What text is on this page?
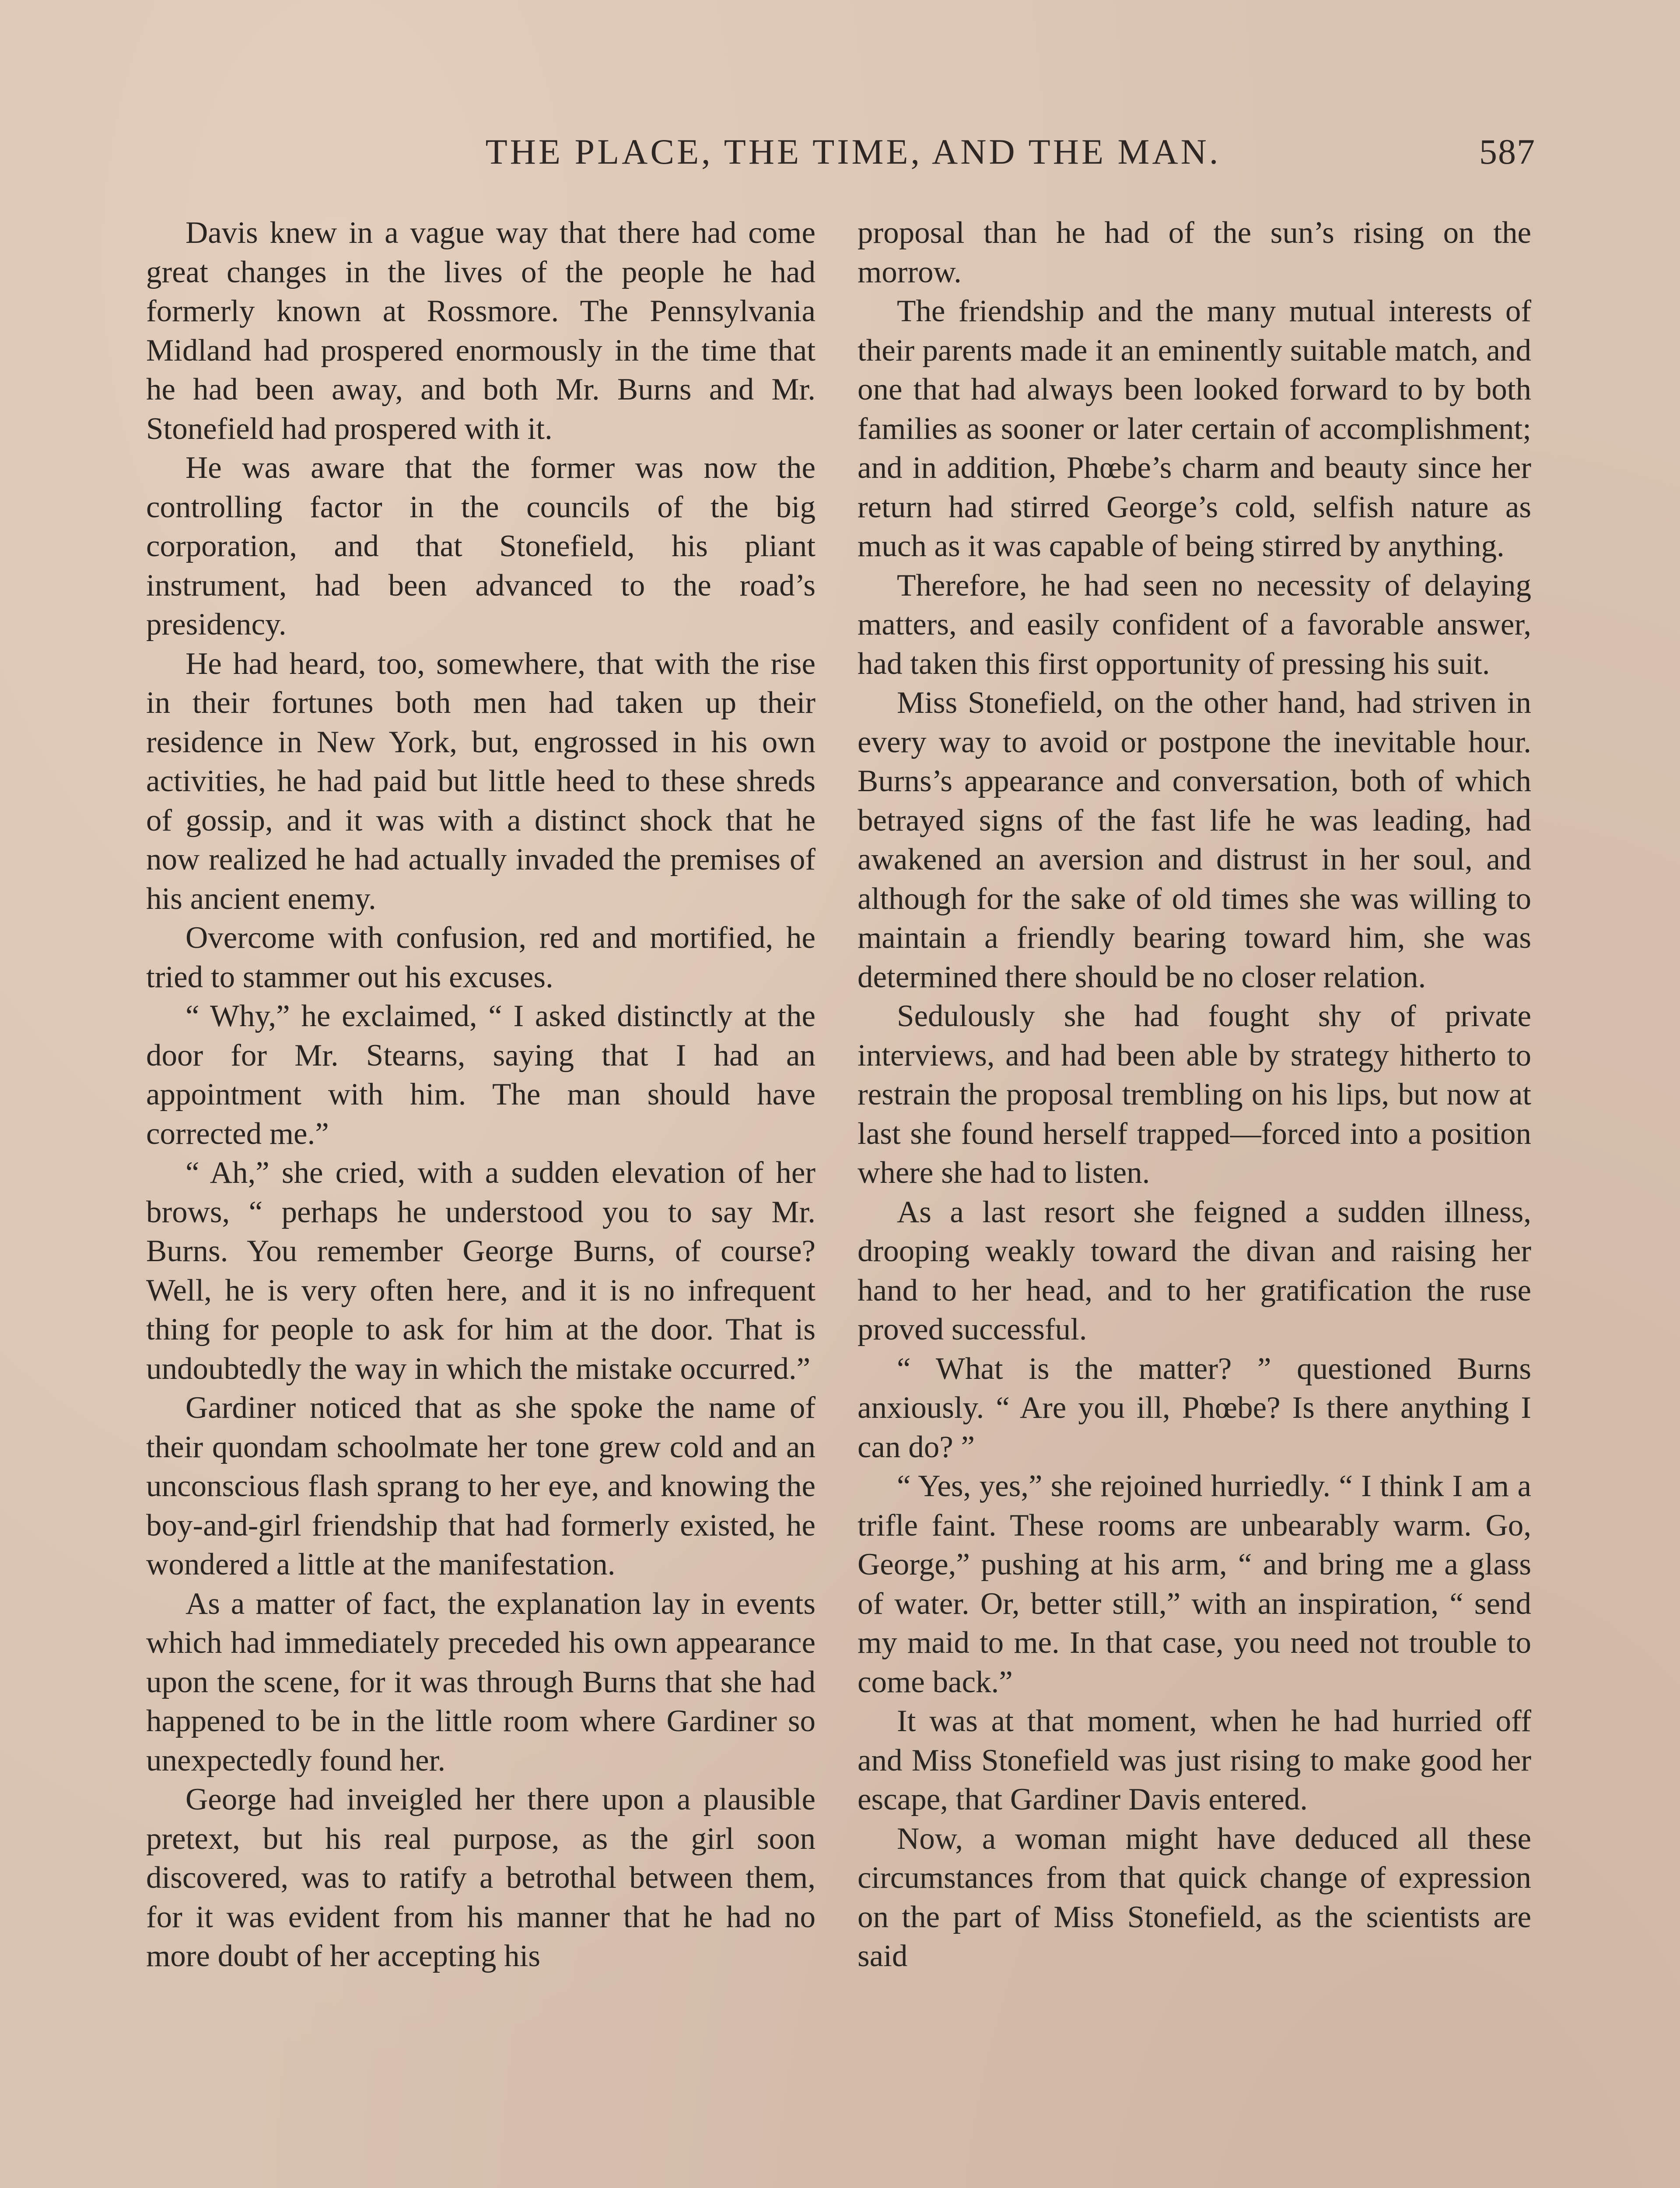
THE PLACE, THE TIME, AND THE MAN.	587

Davis knew in a vague way that there had come great changes in the lives of the people he had formerly known at Rossmore. The Pennsylvania Midland had prospered enormously in the time that he had been away, and both Mr. Burns and Mr. Stonefield had prospered with it.

He was aware that the former was now the controlling factor in the councils of the big corporation, and that Stonefield, his pliant instrument, had been advanced to the road’s presidency.

He had heard, too, somewhere, that with the rise in their fortunes both men had taken up their residence in New York, but, engrossed in his own activities, he had paid but little heed to these shreds of gossip, and it was with a distinct shock that he now realized he had actually invaded the premises of his ancient enemy.

Overcome with confusion, red and mortified, he tried to stammer out his excuses.

“ Why,” he exclaimed, “ I asked distinctly at the door for Mr. Stearns, saying that I had an appointment with him. The man should have corrected me.”

“ Ah,” she cried, with a sudden elevation of her brows, “ perhaps he understood you to say Mr. Burns. You remember George Burns, of course? Well, he is very often here, and it is no infrequent thing for people to ask for him at the door. That is undoubtedly the way in which the mistake occurred.”

Gardiner noticed that as she spoke the name of their quondam schoolmate her tone grew cold and an unconscious flash sprang to her eye, and knowing the boy-and-girl friendship that had formerly existed, he wondered a little at the manifestation.

As a matter of fact, the explanation lay in events which had immediately preceded his own appearance upon the scene, for it was through Burns that she had happened to be in the little room where Gardiner so unexpectedly found her.

George had inveigled her there upon a plausible pretext, but his real purpose, as the girl soon discovered, was to ratify a betrothal between them, for it was evident from his manner that he had no more doubt of her accepting his

proposal than he had of the sun’s rising on the morrow.

The friendship and the many mutual interests of their parents made it an eminently suitable match, and one that had always been looked forward to by both families as sooner or later certain of accomplishment; and in addition, Phœbe’s charm and beauty since her return had stirred George’s cold, selfish nature as much as it was capable of being stirred by anything.

Therefore, he had seen no necessity of delaying matters, and easily confident of a favorable answer, had taken this first opportunity of pressing his suit.

Miss Stonefield, on the other hand, had striven in every way to avoid or postpone the inevitable hour. Burns’s appearance and conversation, both of which betrayed signs of the fast life he was leading, had awakened an aversion and distrust in her soul, and although for the sake of old times she was willing to maintain a friendly bearing toward him, she was determined there should be no closer relation.

Sedulously she had fought shy of private interviews, and had been able by strategy hitherto to restrain the proposal trembling on his lips, but now at last she found herself trapped—forced into a position where she had to listen.

As a last resort she feigned a sudden illness, drooping weakly toward the divan and raising her hand to her head, and to her gratification the ruse proved successful.

“ What is the matter? ” questioned Burns anxiously. “ Are you ill, Phœbe? Is there anything I can do? ”

“ Yes, yes,” she rejoined hurriedly. “ I think I am a trifle faint. These rooms are unbearably warm. Go, George,” pushing at his arm, “ and bring me a glass of water. Or, better still,” with an inspiration, “ send my maid to me. In that case, you need not trouble to come back.”

It was at that moment, when he had hurried off and Miss Stonefield was just rising to make good her escape, that Gardiner Davis entered.

Now, a woman might have deduced all these circumstances from that quick change of expression on the part of Miss Stonefield, as the scientists are said
